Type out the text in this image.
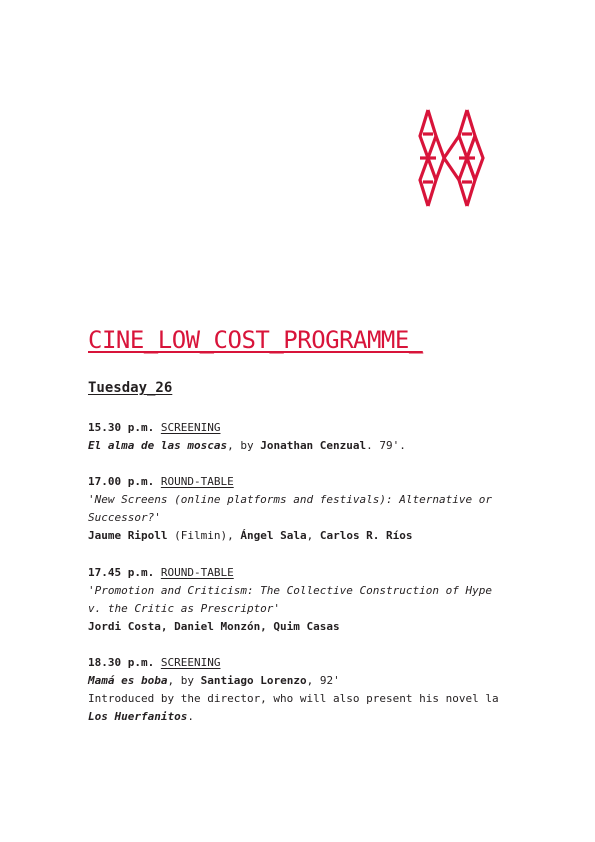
CINE_LOW_COST_PROGRAMME_
Tuesday_26

15.30 p.m. SCREENING

El alma de las moscas, by Jonathan Cenzual. 79'.

17.00 p.m. ROUND-TABLE

'New Screens (online platforms and festivals): Alternative or

Successor?'

Jaume Ripoll (Filmin), Ángel Sala, Carlos R. Ríos

17.45 p.m. ROUND-TABLE

'Promotion and Criticism: The Collective Construction of Hype

v. the Critic as Prescriptor'

Jordi Costa, Daniel Monzón, Quim Casas

18.30 p.m. SCREENING

Mamá es boba, by Santiago Lorenzo, 92'

Introduced by the director, who will also present his novel la

Los Huerfanitos.
